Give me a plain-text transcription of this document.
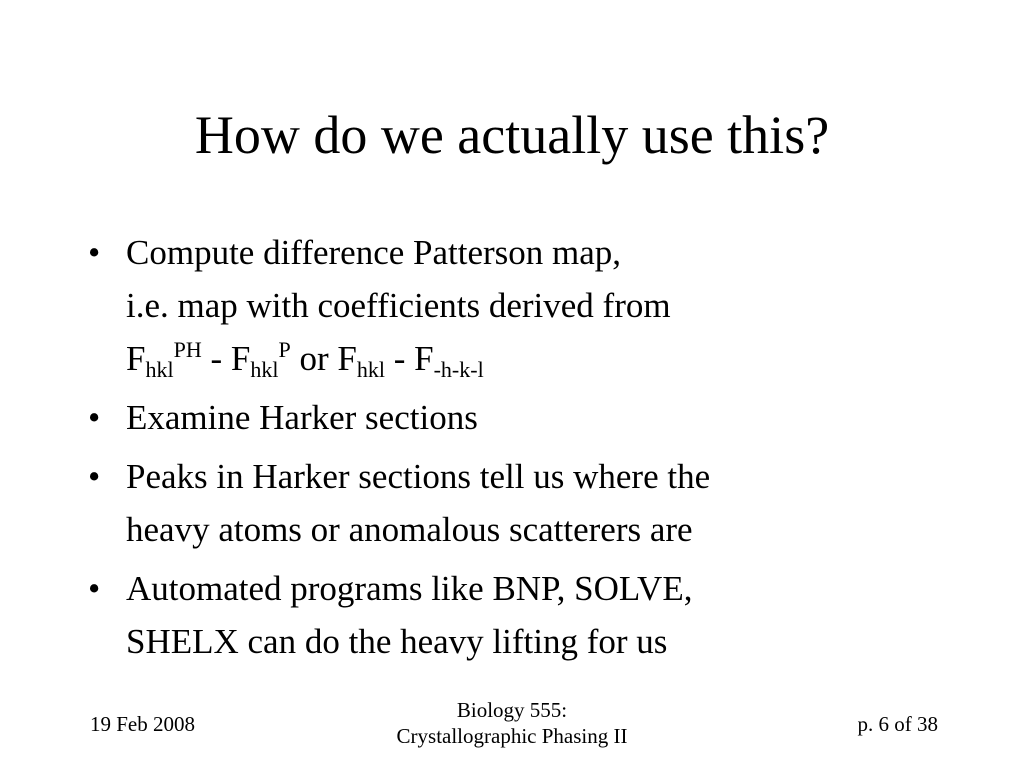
How do we actually use this?
• Compute difference Patterson map,
i.e. map with coefficients derived from
$F_{hkl}^{PH} - F_{hkl}^P$ or $F_{hkl} - F_{-h-k-l}$
• Examine Harker sections
• Peaks in Harker sections tell us where the
heavy atoms or anomalous scatterers are
• Automated programs like BNP, SOLVE,
SHELX can do the heavy lifting for us
19 Feb 2008
Biology 555:
Crystallographic Phasing II	p. 6 of 38
